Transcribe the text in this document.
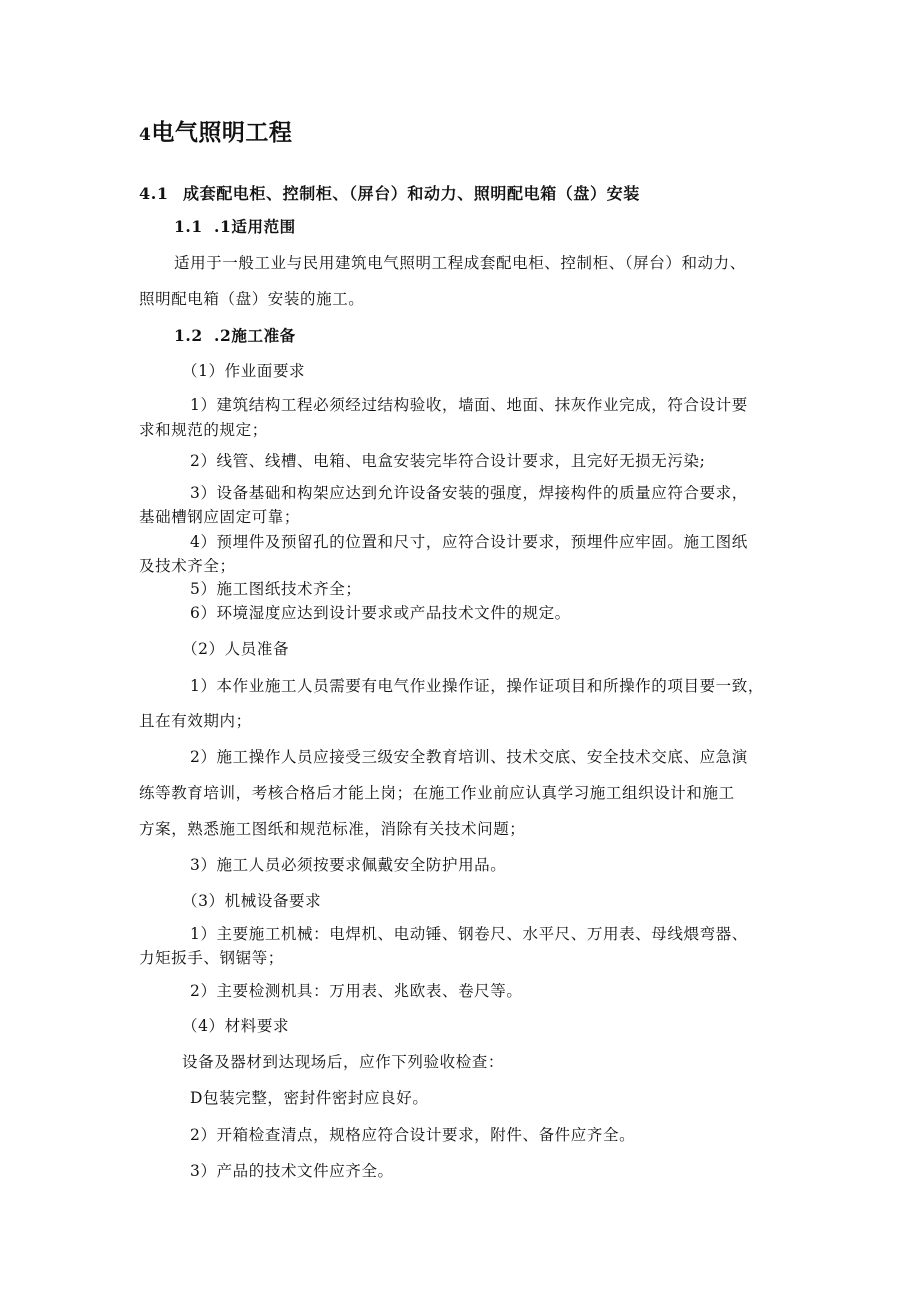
4电气照明工程
4.1 成套配电柜、控制柜、（屏台）和动力、照明配电箱（盘）安装
1.1 .1适用范围
适用于一般工业与民用建筑电气照明工程成套配电柜、控制柜、（屏台）和动力、
照明配电箱（盘）安装的施工。
1.2 .2施工准备
（1）作业面要求
1）建筑结构工程必须经过结构验收，墙面、地面、抹灰作业完成，符合设计要
求和规范的规定；
2）线管、线槽、电箱、电盒安装完毕符合设计要求，且完好无损无污染;
3）设备基础和构架应达到允许设备安装的强度，焊接构件的质量应符合要求，
基础槽钢应固定可靠；
4）预埋件及预留孔的位置和尺寸，应符合设计要求，预埋件应牢固。施工图纸
及技术齐全；
5）施工图纸技术齐全；
6）环境湿度应达到设计要求或产品技术文件的规定。
（2）人员准备
1）本作业施工人员需要有电气作业操作证，操作证项目和所操作的项目要一致，
且在有效期内；
2）施工操作人员应接受三级安全教育培训、技术交底、安全技术交底、应急演
练等教育培训，考核合格后才能上岗；在施工作业前应认真学习施工组织设计和施工
方案，熟悉施工图纸和规范标准，消除有关技术问题；
3）施工人员必须按要求佩戴安全防护用品。
（3）机械设备要求
1）主要施工机械：电焊机、电动锤、钢卷尺、水平尺、万用表、母线煨弯器、
力矩扳手、钢锯等；
2）主要检测机具：万用表、兆欧表、卷尺等。
（4）材料要求
设备及器材到达现场后，应作下列验收检查：
D包装完整，密封件密封应良好。
2）开箱检查清点，规格应符合设计要求，附件、备件应齐全。
3）产品的技术文件应齐全。
